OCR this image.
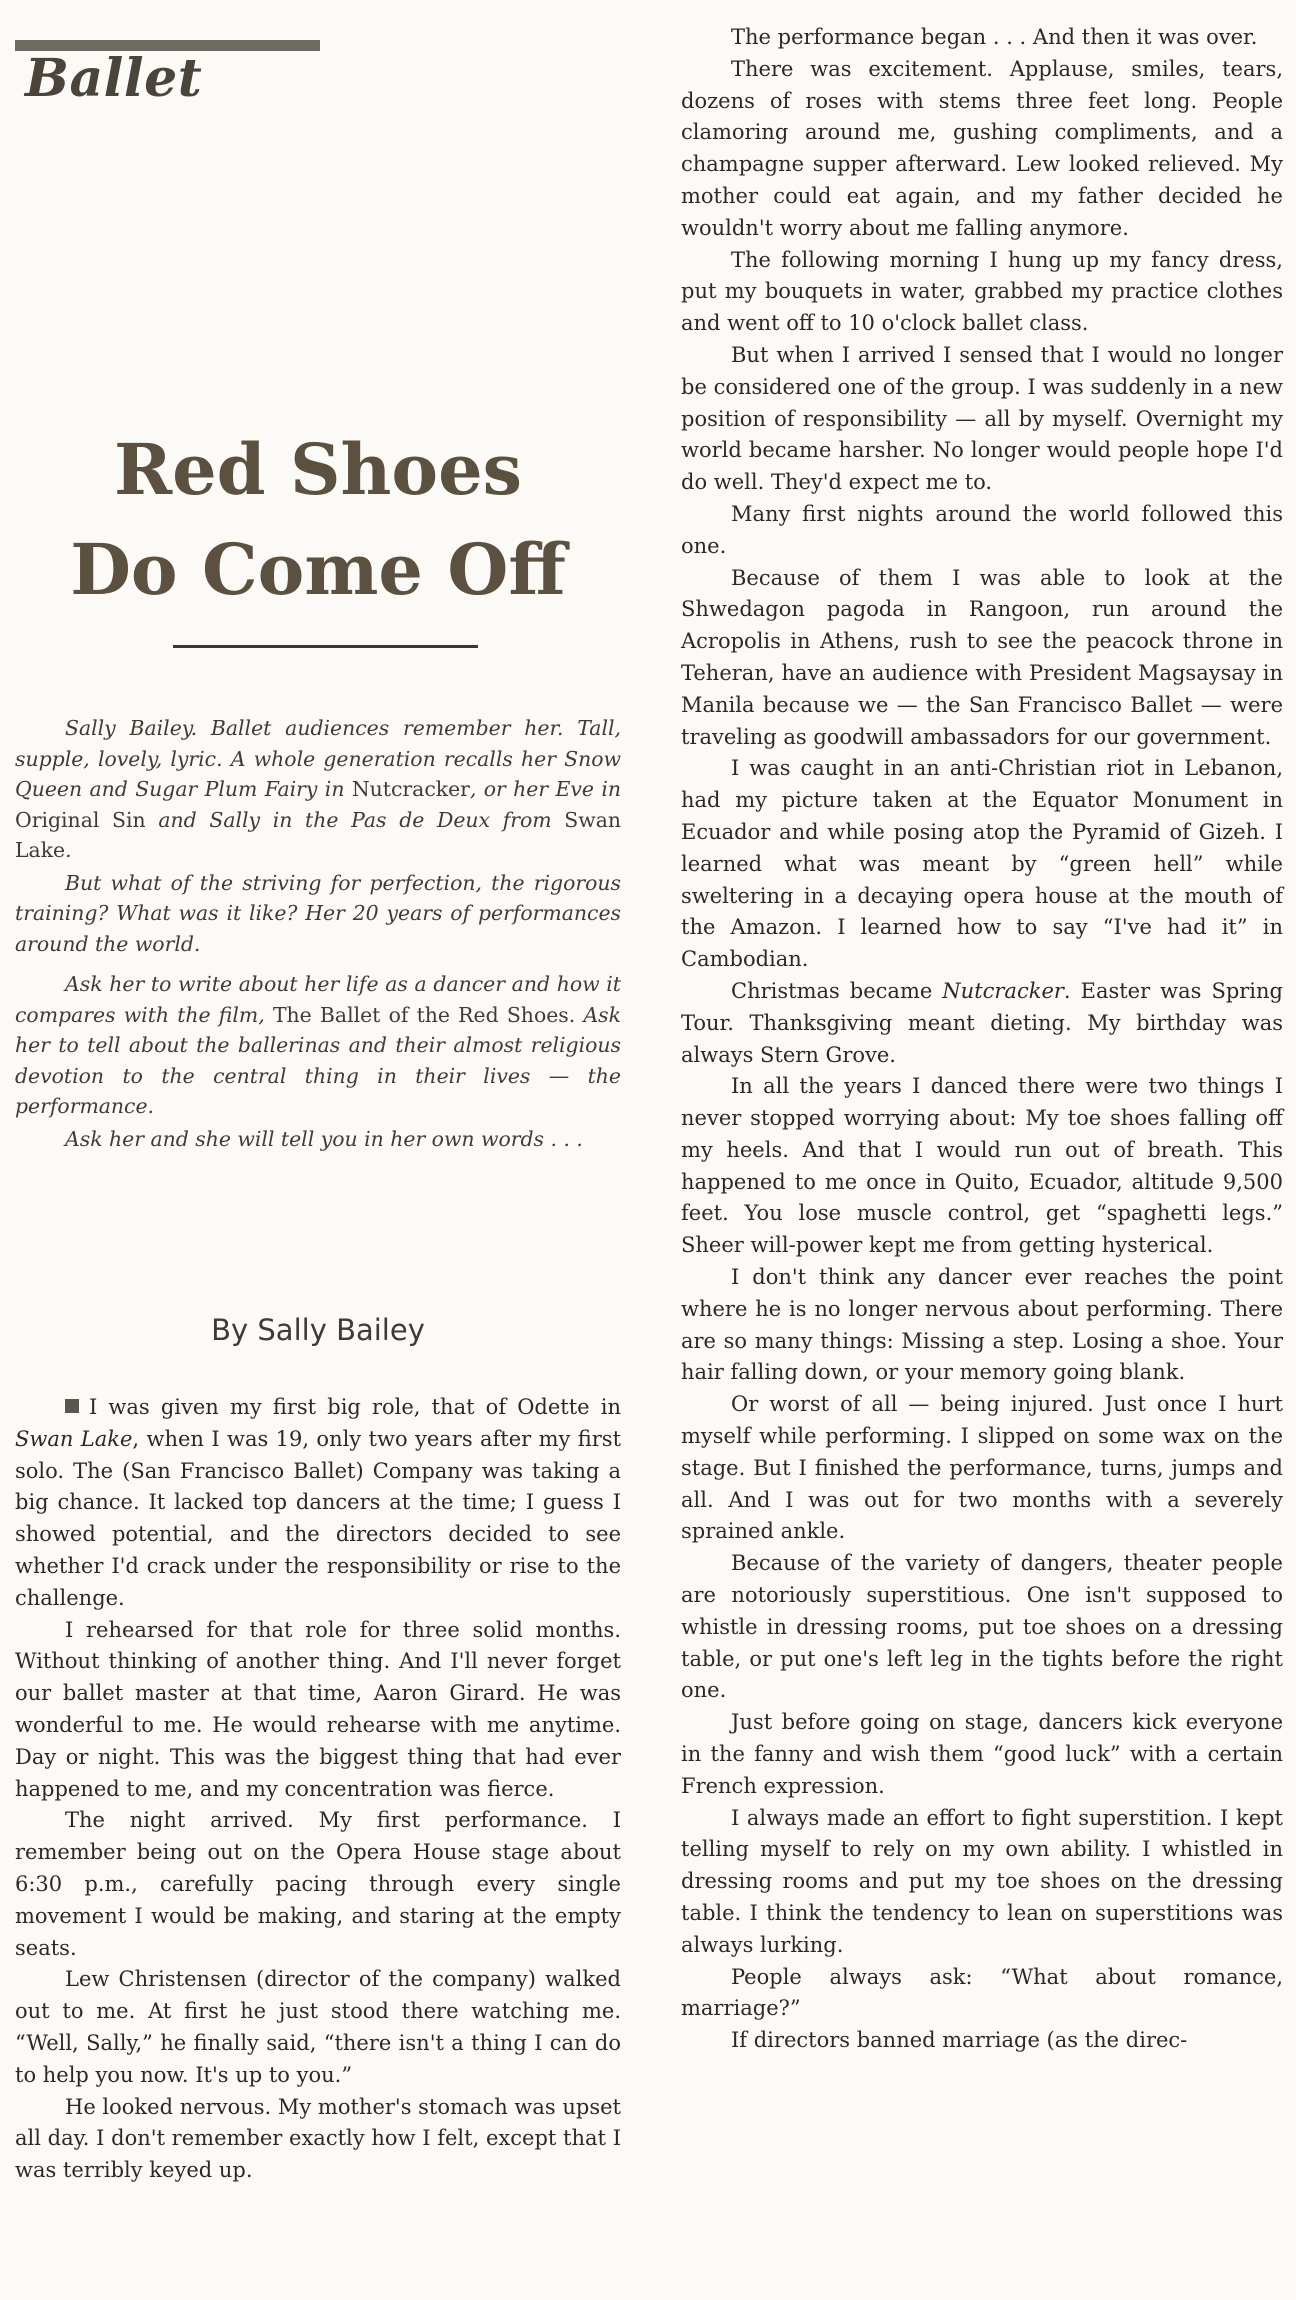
Ballet
Red Shoes
Do Come Off

Sally Bailey. Ballet audiences remember her. Tall, supple, lovely, lyric. A whole generation recalls her Snow Queen and Sugar Plum Fairy in Nutcracker, or her Eve in Original Sin and Sally in the Pas de Deux from Swan Lake.

But what of the striving for perfection, the rigorous training? What was it like? Her 20 years of performances around the world.

Ask her to write about her life as a dancer and how it compares with the film, The Ballet of the Red Shoes. Ask her to tell about the ballerinas and their almost religious devotion to the central thing in their lives — the performance.

Ask her and she will tell you in her own words . . .

By Sally Bailey

I was given my first big role, that of Odette in Swan Lake, when I was 19, only two years after my first solo. The (San Francisco Ballet) Company was taking a big chance. It lacked top dancers at the time; I guess I showed potential, and the directors decided to see whether I'd crack under the responsibility or rise to the challenge.

I rehearsed for that role for three solid months. Without thinking of another thing. And I'll never forget our ballet master at that time, Aaron Girard. He was wonderful to me. He would rehearse with me anytime. Day or night. This was the biggest thing that had ever happened to me, and my concentration was fierce.

The night arrived. My first performance. I remember being out on the Opera House stage about 6:30 p.m., carefully pacing through every single movement I would be making, and staring at the empty seats.

Lew Christensen (director of the company) walked out to me. At first he just stood there watching me. “Well, Sally,” he finally said, “there isn't a thing I can do to help you now. It's up to you.”

He looked nervous. My mother's stomach was upset all day. I don't remember exactly how I felt, except that I was terribly keyed up.

The performance began . . . And then it was over.

There was excitement. Applause, smiles, tears, dozens of roses with stems three feet long. People clamoring around me, gushing compliments, and a champagne supper afterward. Lew looked relieved. My mother could eat again, and my father decided he wouldn't worry about me falling anymore.

The following morning I hung up my fancy dress, put my bouquets in water, grabbed my practice clothes and went off to 10 o'clock ballet class.

But when I arrived I sensed that I would no longer be considered one of the group. I was suddenly in a new position of responsibility — all by myself. Overnight my world became harsher. No longer would people hope I'd do well. They'd expect me to.

Many first nights around the world followed this one.

Because of them I was able to look at the Shwedagon pagoda in Rangoon, run around the Acropolis in Athens, rush to see the peacock throne in Teheran, have an audience with President Magsaysay in Manila because we — the San Francisco Ballet — were traveling as goodwill ambassadors for our government.

I was caught in an anti-Christian riot in Lebanon, had my picture taken at the Equator Monument in Ecuador and while posing atop the Pyramid of Gizeh. I learned what was meant by “green hell” while sweltering in a decaying opera house at the mouth of the Amazon. I learned how to say “I've had it” in Cambodian.

Christmas became Nutcracker. Easter was Spring Tour. Thanksgiving meant dieting. My birthday was always Stern Grove.

In all the years I danced there were two things I never stopped worrying about: My toe shoes falling off my heels. And that I would run out of breath. This happened to me once in Quito, Ecuador, altitude 9,500 feet. You lose muscle control, get “spaghetti legs.” Sheer will-power kept me from getting hysterical.

I don't think any dancer ever reaches the point where he is no longer nervous about performing. There are so many things: Missing a step. Losing a shoe. Your hair falling down, or your memory going blank.

Or worst of all — being injured. Just once I hurt myself while performing. I slipped on some wax on the stage. But I finished the performance, turns, jumps and all. And I was out for two months with a severely sprained ankle.

Because of the variety of dangers, theater people are notoriously superstitious. One isn't supposed to whistle in dressing rooms, put toe shoes on a dressing table, or put one's left leg in the tights before the right one.

Just before going on stage, dancers kick everyone in the fanny and wish them “good luck” with a certain French expression.

I always made an effort to fight superstition. I kept telling myself to rely on my own ability. I whistled in dressing rooms and put my toe shoes on the dressing table. I think the tendency to lean on superstitions was always lurking.

People always ask: “What about romance, marriage?”

If directors banned marriage (as the direc-
